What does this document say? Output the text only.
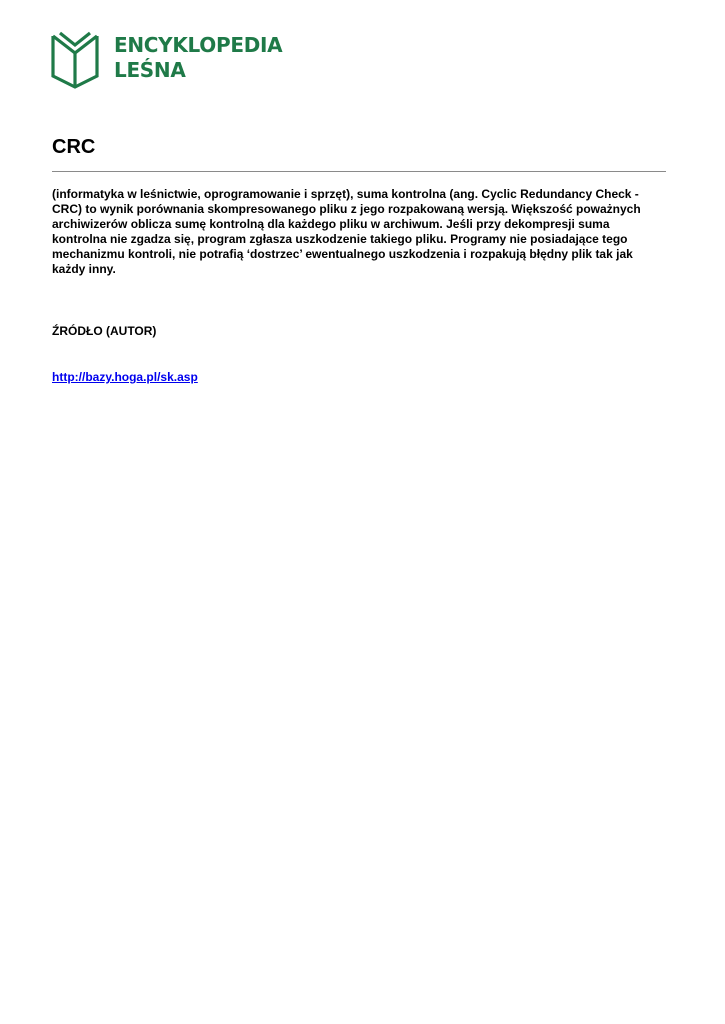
ENCYKLOPEDIA
LEŚNA
CRC

(informatyka w leśnictwie, oprogramowanie i sprzęt), suma kontrolna (ang. Cyclic Redundancy Check - CRC) to wynik porównania skompresowanego pliku z jego rozpakowaną wersją. Większość poważnych archiwizerów oblicza sumę kontrolną dla każdego pliku w archiwum. Jeśli przy dekompresji suma kontrolna nie zgadza się, program zgłasza uszkodzenie takiego pliku. Programy nie posiadające tego mechanizmu kontroli, nie potrafią ‘dostrzec’ ewentualnego uszkodzenia i rozpakują błędny plik tak jak każdy inny.

ŹRÓDŁO (AUTOR)

http://bazy.hoga.pl/sk.asp
